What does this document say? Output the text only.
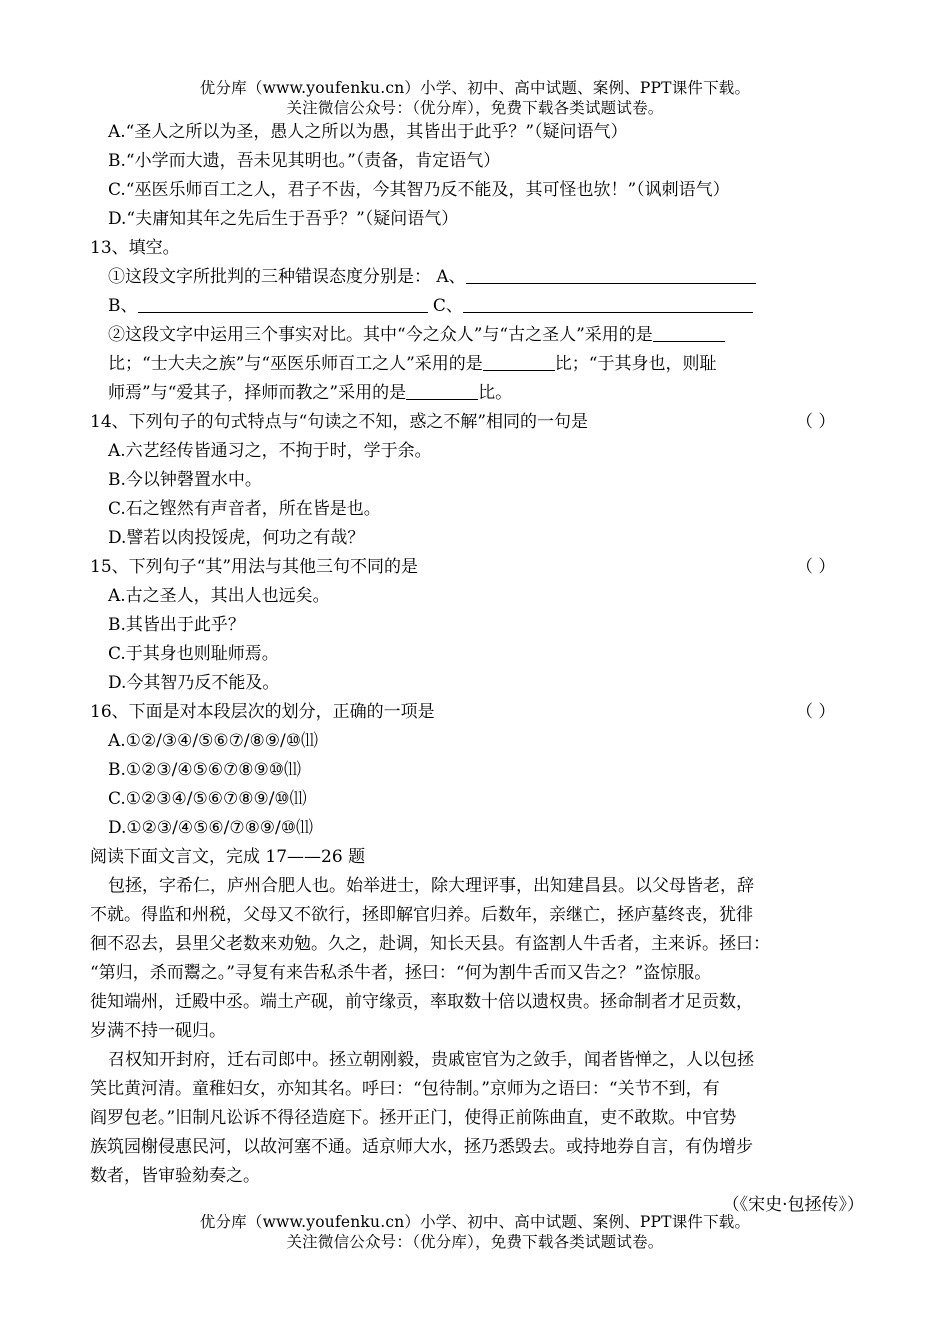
优分库（www.youfenku.cn）小学、初中、高中试题、案例、PPT课件下载。
关注微信公众号：（优分库），免费下载各类试题试卷。
A.“圣人之所以为圣，愚人之所以为愚，其皆出于此乎？”（疑问语气）
B.“小学而大遗，吾未见其明也。”（责备，肯定语气）
C.“巫医乐师百工之人，君子不齿，今其智乃反不能及，其可怪也欤！”（讽刺语气）
D.“夫庸知其年之先后生于吾乎？”（疑问语气）
13、填空。
①这段文字所批判的三种错误态度分别是： A、
B、	C、
②这段文字中运用三个事实对比。其中“今之众人”与“古之圣人”采用的是
比；“士大夫之族”与“巫医乐师百工之人”采用的是	比；“于其身也，则耻
师焉”与“爱其子，择师而教之”采用的是	比。
14、下列句子的句式特点与“句读之不知，惑之不解”相同的一句是	（ ）
A.六艺经传皆通习之，不拘于时，学于余。
B.今以钟磬置水中。
C.石之铿然有声音者，所在皆是也。
D.譬若以肉投馁虎，何功之有哉？
15、下列句子“其”用法与其他三句不同的是	（ ）
A.古之圣人，其出人也远矣。
B.其皆出于此乎？
C.于其身也则耻师焉。
D.今其智乃反不能及。
16、下面是对本段层次的划分，正确的一项是	（ ）
A.①②/③④/⑤⑥⑦/⑧⑨/⑩⑾
B.①②③/④⑤⑥⑦⑧⑨⑩⑾
C.①②③④/⑤⑥⑦⑧⑨/⑩⑾
D.①②③/④⑤⑥/⑦⑧⑨/⑩⑾
阅读下面文言文，完成 17——26 题
包拯，字希仁，庐州合肥人也。始举进士，除大理评事，出知建昌县。以父母皆老，辞
不就。得监和州税，父母又不欲行，拯即解官归养。后数年，亲继亡，拯庐墓终丧，犹徘
徊不忍去，县里父老数来劝勉。久之，赴调，知长天县。有盗割人牛舌者，主来诉。拯曰：
“第归，杀而鬻之。”寻复有来告私杀牛者，拯曰：“何为割牛舌而又告之？”盗惊服。
徙知端州，迁殿中丞。端土产砚，前守缘贡，率取数十倍以遗权贵。拯命制者才足贡数，
岁满不持一砚归。
召权知开封府，迁右司郎中。拯立朝刚毅，贵戚宦官为之敛手，闻者皆惮之，人以包拯
笑比黄河清。童稚妇女，亦知其名。呼曰：“包待制。”京师为之语曰：“关节不到，有
阎罗包老。”旧制凡讼诉不得径造庭下。拯开正门，使得正前陈曲直，吏不敢欺。中官势
族筑园榭侵惠民河，以故河塞不通。适京师大水，拯乃悉毁去。或持地券自言，有伪增步
数者，皆审验劾奏之。
（《宋史·包拯传》）
优分库（www.youfenku.cn）小学、初中、高中试题、案例、PPT课件下载。
关注微信公众号：（优分库），免费下载各类试题试卷。
